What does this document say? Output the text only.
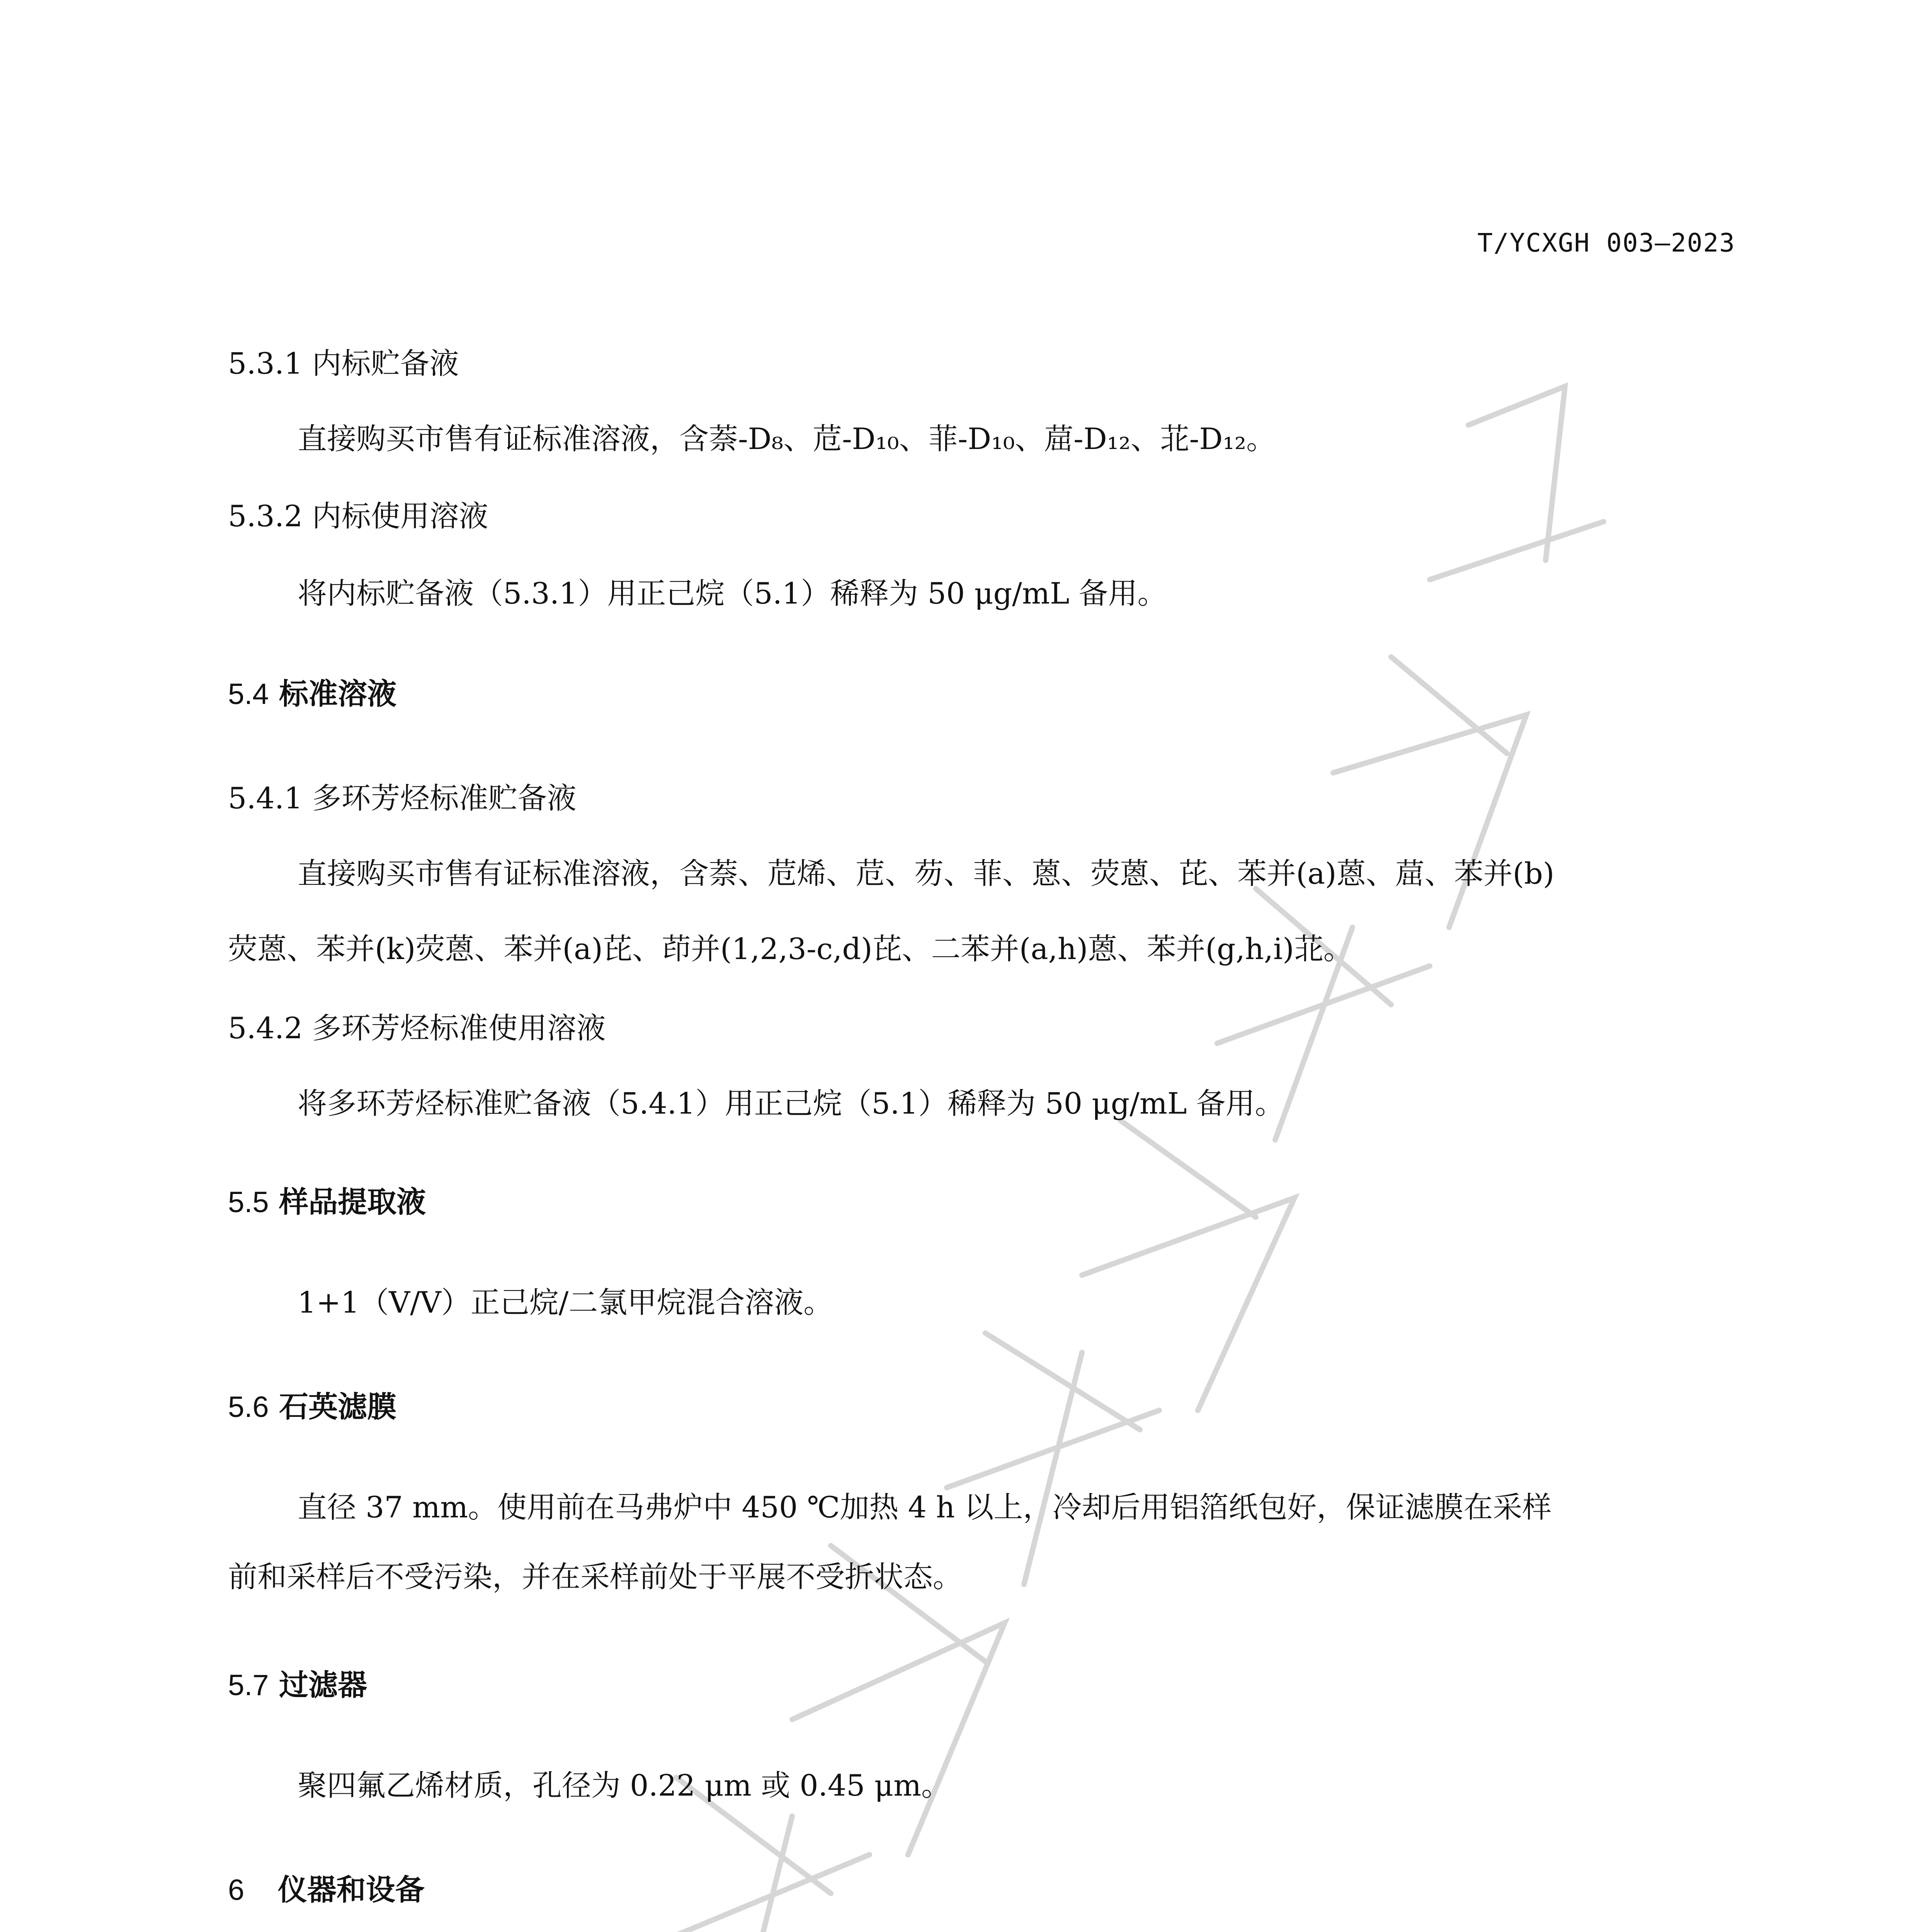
T/YCXGH 003—2023
5.3.1 内标贮备液
直接购买市售有证标准溶液，含萘-D₈、苊-D₁₀、菲-D₁₀、䓛-D₁₂、苝-D₁₂。
5.3.2 内标使用溶液
将内标贮备液（5.3.1）用正己烷（5.1）稀释为 50 μg/mL 备用。
5.4 标准溶液
5.4.1 多环芳烃标准贮备液
直接购买市售有证标准溶液，含萘、苊烯、苊、芴、菲、蒽、荧蒽、芘、苯并(a)蒽、䓛、苯并(b)
荧蒽、苯并(k)荧蒽、苯并(a)芘、茚并(1,2,3-c,d)芘、二苯并(a,h)蒽、苯并(g,h,i)苝。
5.4.2 多环芳烃标准使用溶液
将多环芳烃标准贮备液（5.4.1）用正己烷（5.1）稀释为 50 μg/mL 备用。
5.5 样品提取液
1+1（V/V）正己烷/二氯甲烷混合溶液。
5.6 石英滤膜
直径 37 mm。使用前在马弗炉中 450 ℃加热 4 h 以上，冷却后用铝箔纸包好，保证滤膜在采样
前和采样后不受污染，并在采样前处于平展不受折状态。
5.7 过滤器
聚四氟乙烯材质，孔径为 0.22 μm 或 0.45 μm。
6 仪器和设备
